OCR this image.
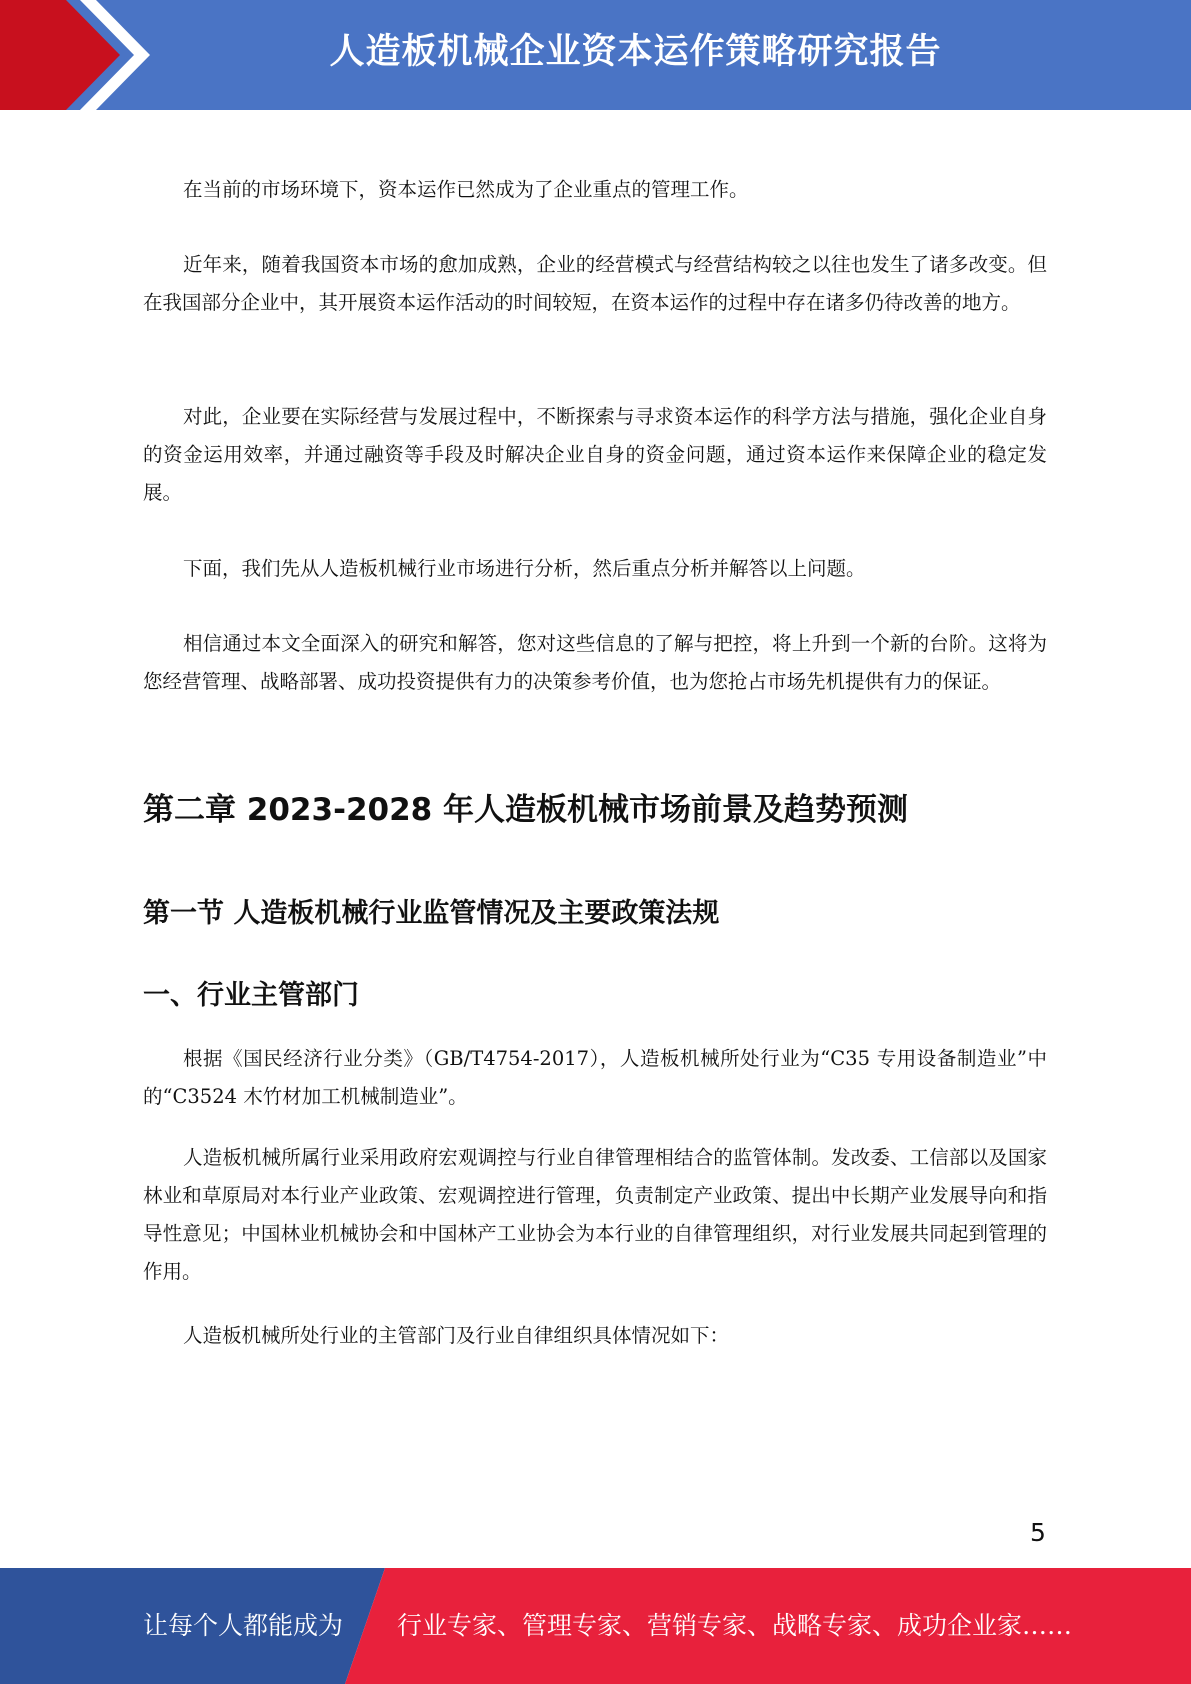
人造板机械企业资本运作策略研究报告

在当前的市场环境下，资本运作已然成为了企业重点的管理工作。

近年来，随着我国资本市场的愈加成熟，企业的经营模式与经营结构较之以往也发生了诸多改变。但在我国部分企业中，其开展资本运作活动的时间较短，在资本运作的过程中存在诸多仍待改善的地方。

对此，企业要在实际经营与发展过程中，不断探索与寻求资本运作的科学方法与措施，强化企业自身的资金运用效率，并通过融资等手段及时解决企业自身的资金问题，通过资本运作来保障企业的稳定发展。

下面，我们先从人造板机械行业市场进行分析，然后重点分析并解答以上问题。

相信通过本文全面深入的研究和解答，您对这些信息的了解与把控，将上升到一个新的台阶。这将为您经营管理、战略部署、成功投资提供有力的决策参考价值，也为您抢占市场先机提供有力的保证。

第二章 2023-2028 年人造板机械市场前景及趋势预测
第一节 人造板机械行业监管情况及主要政策法规
一、行业主管部门

根据《国民经济行业分类》（GB/T4754-2017），人造板机械所处行业为“C35 专用设备制造业”中的“C3524 木竹材加工机械制造业”。

人造板机械所属行业采用政府宏观调控与行业自律管理相结合的监管体制。发改委、工信部以及国家林业和草原局对本行业产业政策、宏观调控进行管理，负责制定产业政策、提出中长期产业发展导向和指导性意见；中国林业机械协会和中国林产工业协会为本行业的自律管理组织，对行业发展共同起到管理的作用。

人造板机械所处行业的主管部门及行业自律组织具体情况如下：

5
让每个人都能成为 行业专家、管理专家、营销专家、战略专家、成功企业家……
